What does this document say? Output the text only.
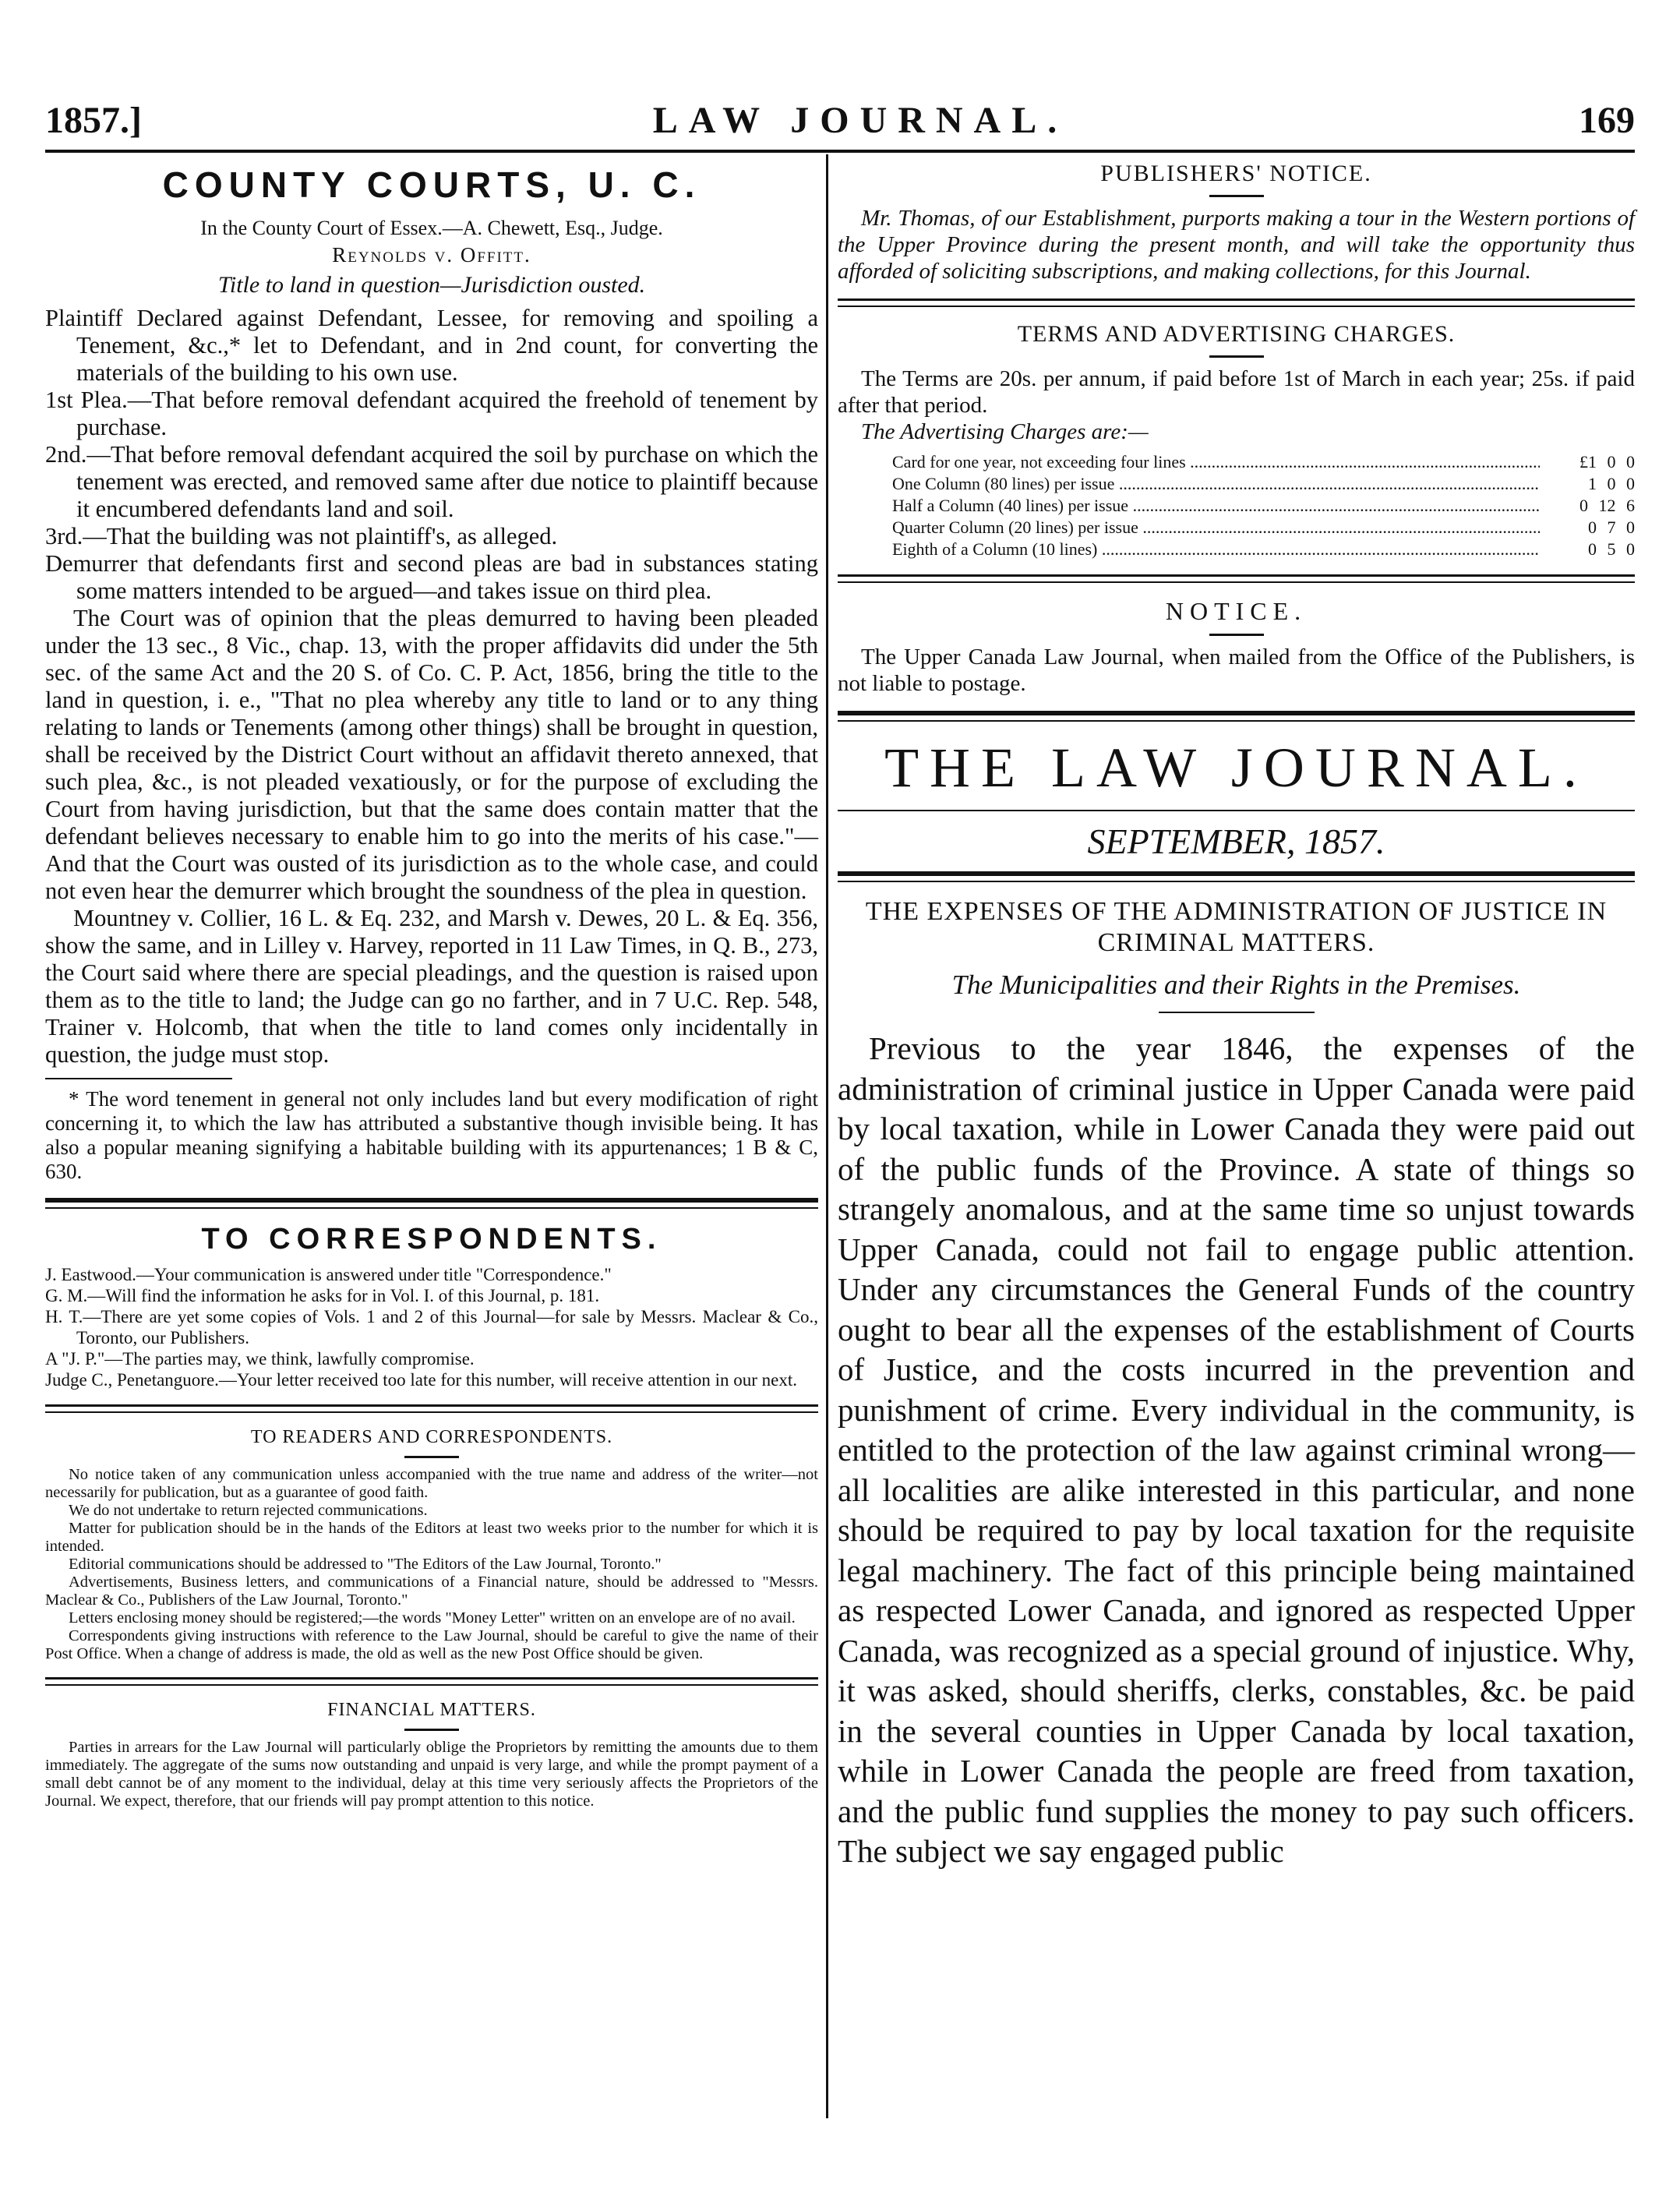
1857.]	LAW JOURNAL.	169
COUNTY COURTS, U. C.

In the County Court of Essex.—A. Chewett, Esq., Judge.

Reynolds v. Offitt.

Title to land in question—Jurisdiction ousted.

Plaintiff Declared against Defendant, Lessee, for removing and spoiling a Tenement, &c.,* let to Defendant, and in 2nd count, for converting the materials of the building to his own use.

1st Plea.—That before removal defendant acquired the freehold of tenement by purchase.

2nd.—That before removal defendant acquired the soil by purchase on which the tenement was erected, and removed same after due notice to plaintiff because it encumbered defendants land and soil.

3rd.—That the building was not plaintiff's, as alleged.

Demurrer that defendants first and second pleas are bad in substances stating some matters intended to be argued—and takes issue on third plea.

The Court was of opinion that the pleas demurred to having been pleaded under the 13 sec., 8 Vic., chap. 13, with the proper affidavits did under the 5th sec. of the same Act and the 20 S. of Co. C. P. Act, 1856, bring the title to the land in question, i. e., "That no plea whereby any title to land or to any thing relating to lands or Tenements (among other things) shall be brought in question, shall be received by the District Court without an affidavit thereto annexed, that such plea, &c., is not pleaded vexatiously, or for the purpose of excluding the Court from having jurisdiction, but that the same does contain matter that the defendant believes necessary to enable him to go into the merits of his case."—And that the Court was ousted of its jurisdiction as to the whole case, and could not even hear the demurrer which brought the soundness of the plea in question.

Mountney v. Collier, 16 L. & Eq. 232, and Marsh v. Dewes, 20 L. & Eq. 356, show the same, and in Lilley v. Harvey, reported in 11 Law Times, in Q. B., 273, the Court said where there are special pleadings, and the question is raised upon them as to the title to land; the Judge can go no farther, and in 7 U.C. Rep. 548, Trainer v. Holcomb, that when the title to land comes only incidentally in question, the judge must stop.

* The word tenement in general not only includes land but every modification of right concerning it, to which the law has attributed a substantive though invisible being. It has also a popular meaning signifying a habitable building with its appurtenances; 1 B & C, 630.

TO CORRESPONDENTS.

J. Eastwood.—Your communication is answered under title "Correspondence."

G. M.—Will find the information he asks for in Vol. I. of this Journal, p. 181.

H. T.—There are yet some copies of Vols. 1 and 2 of this Journal—for sale by Messrs. Maclear & Co., Toronto, our Publishers.

A "J. P."—The parties may, we think, lawfully compromise.

Judge C., Penetanguore.—Your letter received too late for this number, will receive attention in our next.

TO READERS AND CORRESPONDENTS.

No notice taken of any communication unless accompanied with the true name and address of the writer—not necessarily for publication, but as a guarantee of good faith.

We do not undertake to return rejected communications.

Matter for publication should be in the hands of the Editors at least two weeks prior to the number for which it is intended.

Editorial communications should be addressed to "The Editors of the Law Journal, Toronto."

Advertisements, Business letters, and communications of a Financial nature, should be addressed to "Messrs. Maclear & Co., Publishers of the Law Journal, Toronto."

Letters enclosing money should be registered;—the words "Money Letter" written on an envelope are of no avail.

Correspondents giving instructions with reference to the Law Journal, should be careful to give the name of their Post Office. When a change of address is made, the old as well as the new Post Office should be given.

FINANCIAL MATTERS.

Parties in arrears for the Law Journal will particularly oblige the Proprietors by remitting the amounts due to them immediately. The aggregate of the sums now outstanding and unpaid is very large, and while the prompt payment of a small debt cannot be of any moment to the individual, delay at this time very seriously affects the Proprietors of the Journal. We expect, therefore, that our friends will pay prompt attention to this notice.

PUBLISHERS' NOTICE.

Mr. Thomas, of our Establishment, purports making a tour in the Western portions of the Upper Province during the present month, and will take the opportunity thus afforded of soliciting subscriptions, and making collections, for this Journal.

TERMS AND ADVERTISING CHARGES.

The Terms are 20s. per annum, if paid before 1st of March in each year; 25s. if paid after that period.

The Advertising Charges are:—

Card for one year, not exceeding four lines .....	£1 0 0
One Column (80 lines) per issue .....	1 0 0
Half a Column (40 lines) per issue .....	0 12 6
Quarter Column (20 lines) per issue .....	0 7 0
Eighth of a Column (10 lines) .....	0 5 0

NOTICE.

The Upper Canada Law Journal, when mailed from the Office of the Publishers, is not liable to postage.

THE LAW JOURNAL.
SEPTEMBER, 1857.
THE EXPENSES OF THE ADMINISTRATION OF JUSTICE IN CRIMINAL MATTERS.
The Municipalities and their Rights in the Premises.

Previous to the year 1846, the expenses of the administration of criminal justice in Upper Canada were paid by local taxation, while in Lower Canada they were paid out of the public funds of the Province. A state of things so strangely anomalous, and at the same time so unjust towards Upper Canada, could not fail to engage public attention. Under any circumstances the General Funds of the country ought to bear all the expenses of the establishment of Courts of Justice, and the costs incurred in the prevention and punishment of crime. Every individual in the community, is entitled to the protection of the law against criminal wrong—all localities are alike interested in this particular, and none should be required to pay by local taxation for the requisite legal machinery. The fact of this principle being maintained as respected Lower Canada, and ignored as respected Upper Canada, was recognized as a special ground of injustice. Why, it was asked, should sheriffs, clerks, constables, &c. be paid in the several counties in Upper Canada by local taxation, while in Lower Canada the people are freed from taxation, and the public fund supplies the money to pay such officers. The subject we say engaged public
